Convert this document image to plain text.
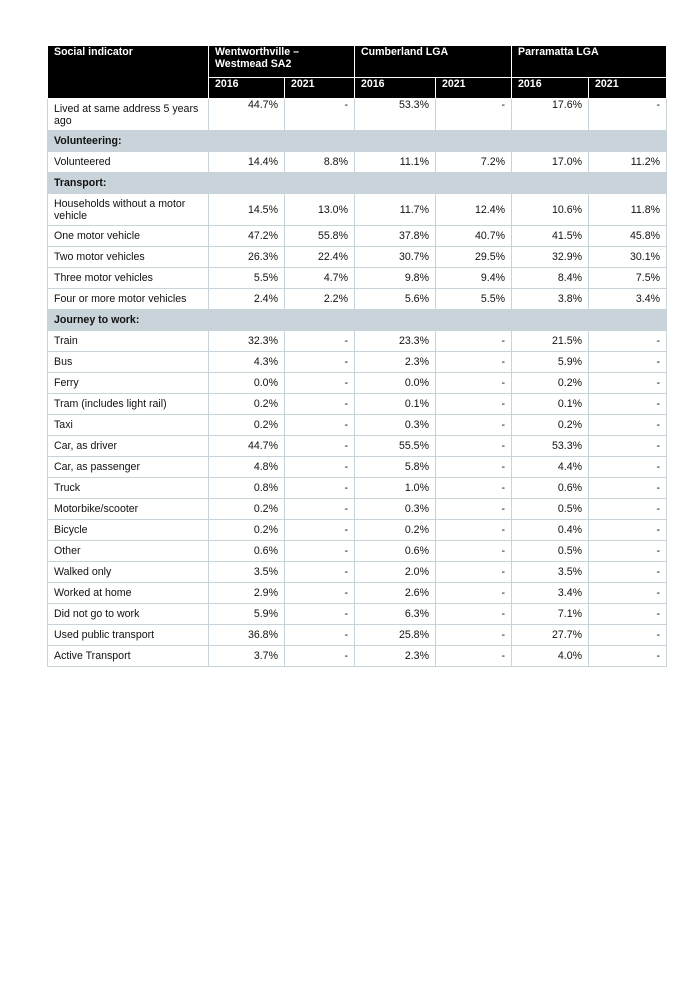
Social indicator	Wentworthville – Westmead SA2		Cumberland LGA		Parramatta LGA	
	2016	2021	2016	2021	2016	2021
Lived at same address 5 years ago	44.7%	-	53.3%	-	17.6%	-
Volunteering:						
Volunteered	14.4%	8.8%	11.1%	7.2%	17.0%	11.2%
Transport:						
Households without a motor vehicle	14.5%	13.0%	11.7%	12.4%	10.6%	11.8%
One motor vehicle	47.2%	55.8%	37.8%	40.7%	41.5%	45.8%
Two motor vehicles	26.3%	22.4%	30.7%	29.5%	32.9%	30.1%
Three motor vehicles	5.5%	4.7%	9.8%	9.4%	8.4%	7.5%
Four or more motor vehicles	2.4%	2.2%	5.6%	5.5%	3.8%	3.4%
Journey to work:						
Train	32.3%	-	23.3%	-	21.5%	-
Bus	4.3%	-	2.3%	-	5.9%	-
Ferry	0.0%	-	0.0%	-	0.2%	-
Tram (includes light rail)	0.2%	-	0.1%	-	0.1%	-
Taxi	0.2%	-	0.3%	-	0.2%	-
Car, as driver	44.7%	-	55.5%	-	53.3%	-
Car, as passenger	4.8%	-	5.8%	-	4.4%	-
Truck	0.8%	-	1.0%	-	0.6%	-
Motorbike/scooter	0.2%	-	0.3%	-	0.5%	-
Bicycle	0.2%	-	0.2%	-	0.4%	-
Other	0.6%	-	0.6%	-	0.5%	-
Walked only	3.5%	-	2.0%	-	3.5%	-
Worked at home	2.9%	-	2.6%	-	3.4%	-
Did not go to work	5.9%	-	6.3%	-	7.1%	-
Used public transport	36.8%	-	25.8%	-	27.7%	-
Active Transport	3.7%	-	2.3%	-	4.0%	-
